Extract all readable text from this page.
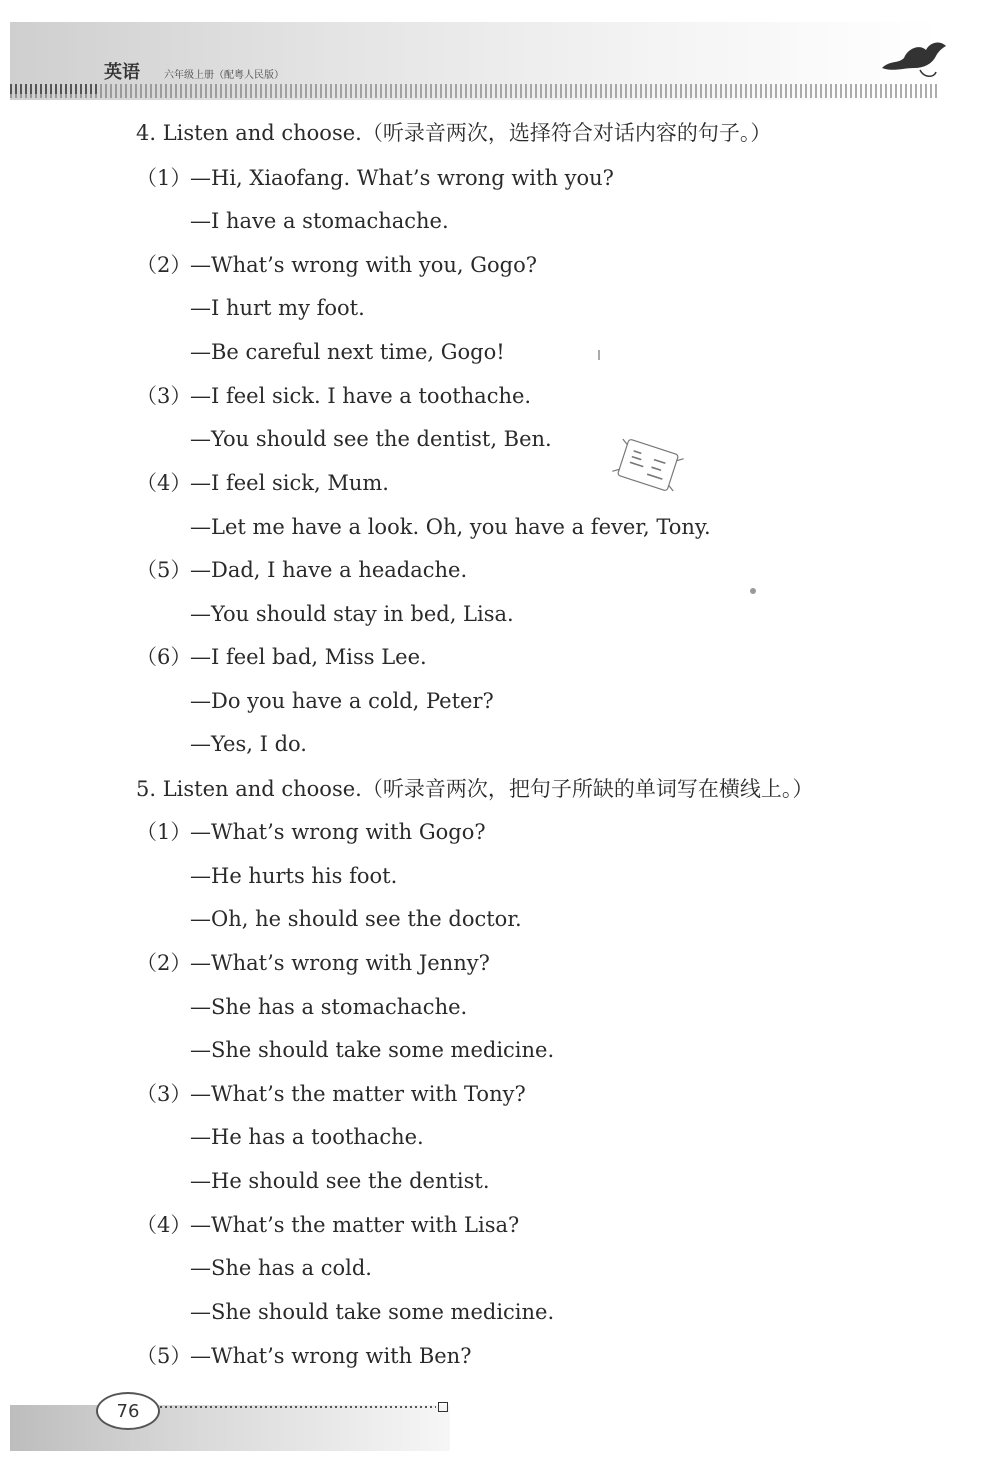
英语 六年级上册（配粤人民版）
4. Listen and choose.（听录音两次，选择符合对话内容的句子。）
（1）
—Hi, Xiaofang. What’s wrong with you?
—I have a stomachache.
（2）
—What’s wrong with you, Gogo?
—I hurt my foot.
—Be careful next time, Gogo!
（3）
—I feel sick. I have a toothache.
—You should see the dentist, Ben.
（4）
—I feel sick, Mum.
—Let me have a look. Oh, you have a fever, Tony.
（5）
—Dad, I have a headache.
—You should stay in bed, Lisa.
（6）
—I feel bad, Miss Lee.
—Do you have a cold, Peter?
—Yes, I do.
5. Listen and choose.（听录音两次，把句子所缺的单词写在横线上。）
（1）
—What’s wrong with Gogo?
—He hurts his foot.
—Oh, he should see the doctor.
（2）
—What’s wrong with Jenny?
—She has a stomachache.
—She should take some medicine.
（3）
—What’s the matter with Tony?
—He has a toothache.
—He should see the dentist.
（4）
—What’s the matter with Lisa?
—She has a cold.
—She should take some medicine.
（5）
—What’s wrong with Ben?
76
